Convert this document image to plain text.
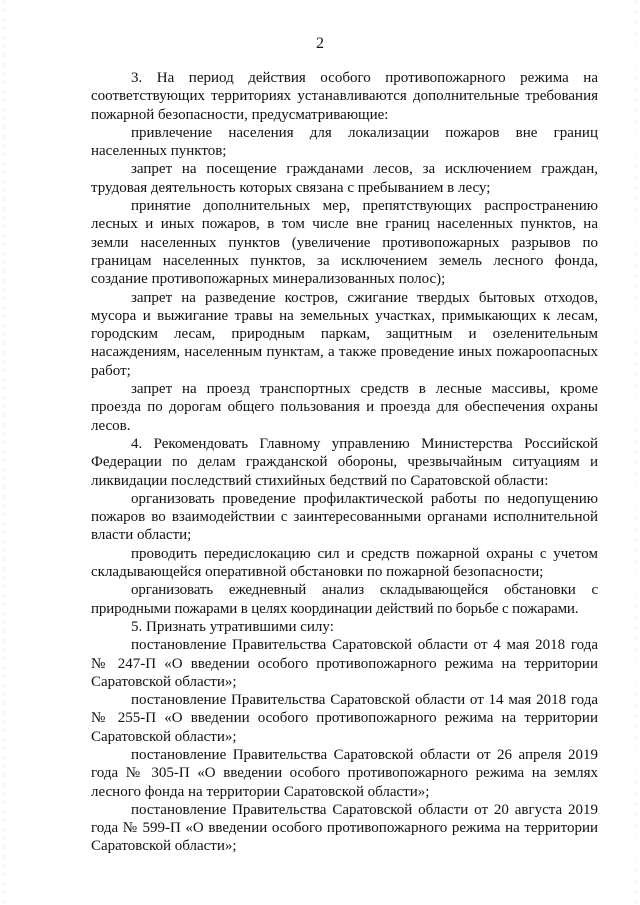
2

3. На период действия особого противопожарного режима на соответствующих территориях устанавливаются дополнительные требования пожарной безопасности, предусматривающие:

привлечение населения для локализации пожаров вне границ населенных пунктов;

запрет на посещение гражданами лесов, за исключением граждан, трудовая деятельность которых связана с пребыванием в лесу;

принятие дополнительных мер, препятствующих распространению лесных и иных пожаров, в том числе вне границ населенных пунктов, на земли населенных пунктов (увеличение противопожарных разрывов по границам населенных пунктов, за исключением земель лесного фонда, создание противопожарных минерализованных полос);

запрет на разведение костров, сжигание твердых бытовых отходов, мусора и выжигание травы на земельных участках, примыкающих к лесам, городским лесам, природным паркам, защитным и озеленительным насаждениям, населенным пунктам, а также проведение иных пожароопасных работ;

запрет на проезд транспортных средств в лесные массивы, кроме проезда по дорогам общего пользования и проезда для обеспечения охраны лесов.

4. Рекомендовать Главному управлению Министерства Российской Федерации по делам гражданской обороны, чрезвычайным ситуациям и ликвидации последствий стихийных бедствий по Саратовской области:

организовать проведение профилактической работы по недопущению пожаров во взаимодействии с заинтересованными органами исполнительной власти области;

проводить передислокацию сил и средств пожарной охраны с учетом складывающейся оперативной обстановки по пожарной безопасности;

организовать ежедневный анализ складывающейся обстановки с природными пожарами в целях координации действий по борьбе с пожарами.

5. Признать утратившими силу:

постановление Правительства Саратовской области от 4 мая 2018 года № 247-П «О введении особого противопожарного режима на территории Саратовской области»;

постановление Правительства Саратовской области от 14 мая 2018 года № 255-П «О введении особого противопожарного режима на территории Саратовской области»;

постановление Правительства Саратовской области от 26 апреля 2019 года № 305-П «О введении особого противопожарного режима на землях лесного фонда на территории Саратовской области»;

постановление Правительства Саратовской области от 20 августа 2019 года № 599-П «О введении особого противопожарного режима на территории Саратовской области»;
